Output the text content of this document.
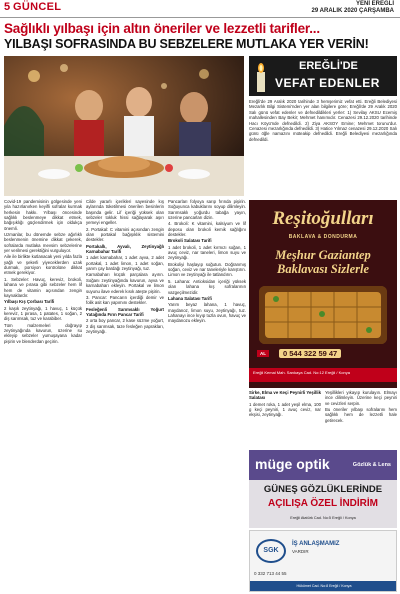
5 GÜNCEL	YENİ EREĞLİ
29 ARALIK 2020 ÇARŞAMBA
Sağlıklı yılbaşı için altın öneriler ve lezzetli tarifler...
YILBAŞI SOFRASINDA BU SEBZELERE MUTLAKA YER VERİN!
EREĞLİ'DE
VEFAT EDENLER
Ereğli'de 29 Aralık 2020 tarihinde 3 hemşerimiz vefat etti. Ereğli Belediyesi Mezarlık Bilgi Sistemi'nden yer alan bilgilere göre; Ereğli'de 29 Aralık 2020 Salı günü vefat edenler ve defnedildikleri yerler: 1) Sevilay AKSU Ecemiş mahallesinden Bay Bekir; Mehmet hanımıdır. Cenazesi 29.12.2020 tarihinde Hacı Köyü'nde defnedildi. 2) Ziya AKSOY Emine; Mehmet torunu'dur. Cenazesi mezarlığında defnedildi. 3) Hatice Yılmaz cenazesi 29.12.2020 Salı günü öğle namazını müteakip defnedildi. Ereğli Belediyesi mezarlığında defnedildi.

Covid-19 pandemisinin gölgesinde yeni yıla hazırlanırken keyifli sofralar kurmak herkesin hakkı. Yılbaşı öncesinde sağlıklı beslenmeye dikkat etmek, bağışıklığı güçlendirmek için oldukça önemli.

Uzmanlar, bu dönemde sebze ağırlıklı beslenmenin önemine dikkat çekerek, sofralarda mutlaka mevsim sebzelerine yer verilmesi gerektiğini vurguluyor.

Aile ile birlikte kutlanacak yeni yılda fazla yağlı ve şekerli yiyeceklerden uzak durmak, porsiyon kontrolüne dikkat etmek gerekiyor.

1. Sebzeler: Havuç, kereviz, brokoli, lahana ve pırasa gibi sebzeler hem lif hem de vitamin açısından zengin kaynaklardır.

Yılbaşı Kış Çorbası Tarifi

2 kaşık zeytinyağı, 1 havuç, 1 küçük kereviz, 1 pırasa, 1 patates, 1 soğan, 2 diş sarımsak, tuz ve karabiber.

Tüm malzemeleri doğrayıp zeytinyağında kavurun, üzerine su ekleyip sebzeler yumuşayana kadar pişirin ve blenderdan geçirin.

Cilde yararlı içerikleri sayesinde kış aylarında tüketilmesi önerilen besinlerin başında gelir. Lif içeriği yüksek olan sebzeler tokluk hissi sağlayarak aşırı yemeyi engeller.

2. Portakal: C vitamini açısından zengin olan portakal bağışıklık sistemini destekler.

Portakallı, Ayvalı, Zeytinyağlı Karnabahar Tarifi

1 adet karnabahar, 1 adet ayva, 2 adet portakal, 1 adet limon, 1 adet soğan, yarım çay bardağı zeytinyağı, tuz.

Karnabaharı küçük parçalara ayırın. Soğanı zeytinyağında kavurun, ayva ve karnabaharı ekleyin. Portakal ve limon suyunu ilave ederek kısık ateşte pişirin.

3. Pancar: Pancarın içerdiği demir ve folik asit kan yapımını destekler.

Fesleğenli Sarımsaklı Yoğurt Yatağında Fırın Pancar Tarifi

2 orta boy pancar, 2 kase süzme yoğurt, 2 diş sarımsak, taze fesleğen yaprakları, zeytinyağı.

Pancarları folyoya sarıp fırında pişirin. Soğuyunca kabuklarını soyup dilimleyin. Sarımsaklı yoğurdu tabağa yayın, üzerine pancarları dizin.

4. Brokoli: K vitamini, kalsiyum ve lif deposu olan brokoli kemik sağlığını destekler.

Brokoli Salatası Tarifi

1 adet brokoli, 1 adet kırmızı soğan, 1 avuç ceviz, nar taneleri, limon suyu ve zeytinyağı.

Brokoliyi haşlayıp soğutun. Doğranmış soğan, ceviz ve nar taneleriyle karıştırın. Limon ve zeytinyağı ile tatlandırın.

5. Lahana: Antioksidan içeriği yüksek olan lahana kış sofralarının vazgeçilmezidir.

Lahana Salatası Tarifi

Yarım beyaz lahana, 1 havuç, maydanoz, limon suyu, zeytinyağı, tuz. Lahanayı ince kıyıp tuzla ovun, havuç ve maydanozu ekleyin.

Reşitoğulları
BAKLAVA & DONDURMA
Meşhur Gaziantep Baklavası Sizlerle
AL	0 544 322 59 47
Ereğli Kemal Mah. Sarıkaya Cad. No:12 Ereğli / Konya

Sirke, Elma ve Keçi Peynirli Yeşillik Salatası

1 demet roka, 1 adet yeşil elma, 100 g keçi peyniri, 1 avuç ceviz, nar ekşisi, zeytinyağı.

Yeşillikleri yıkayıp kurulayın. Elmayı ince dilimleyin. Üzerine keçi peyniri ve cevizleri serpin.

Bu öneriler yılbaşı sofralarını hem sağlıklı hem de lezzetli hale getirecek.

müge optik	Gözlük & Lens
GÜNEŞ GÖZLÜKLERİNDE
AÇILIŞA ÖZEL İNDİRİM
Ereğli Atatürk Cad. No:5 Ereğli / Konya
SGK
İŞ ANLAŞMAMIZ
VARDIR
0 332 713 44 55
Hükümet Cad. No:8 Ereğli / Konya
